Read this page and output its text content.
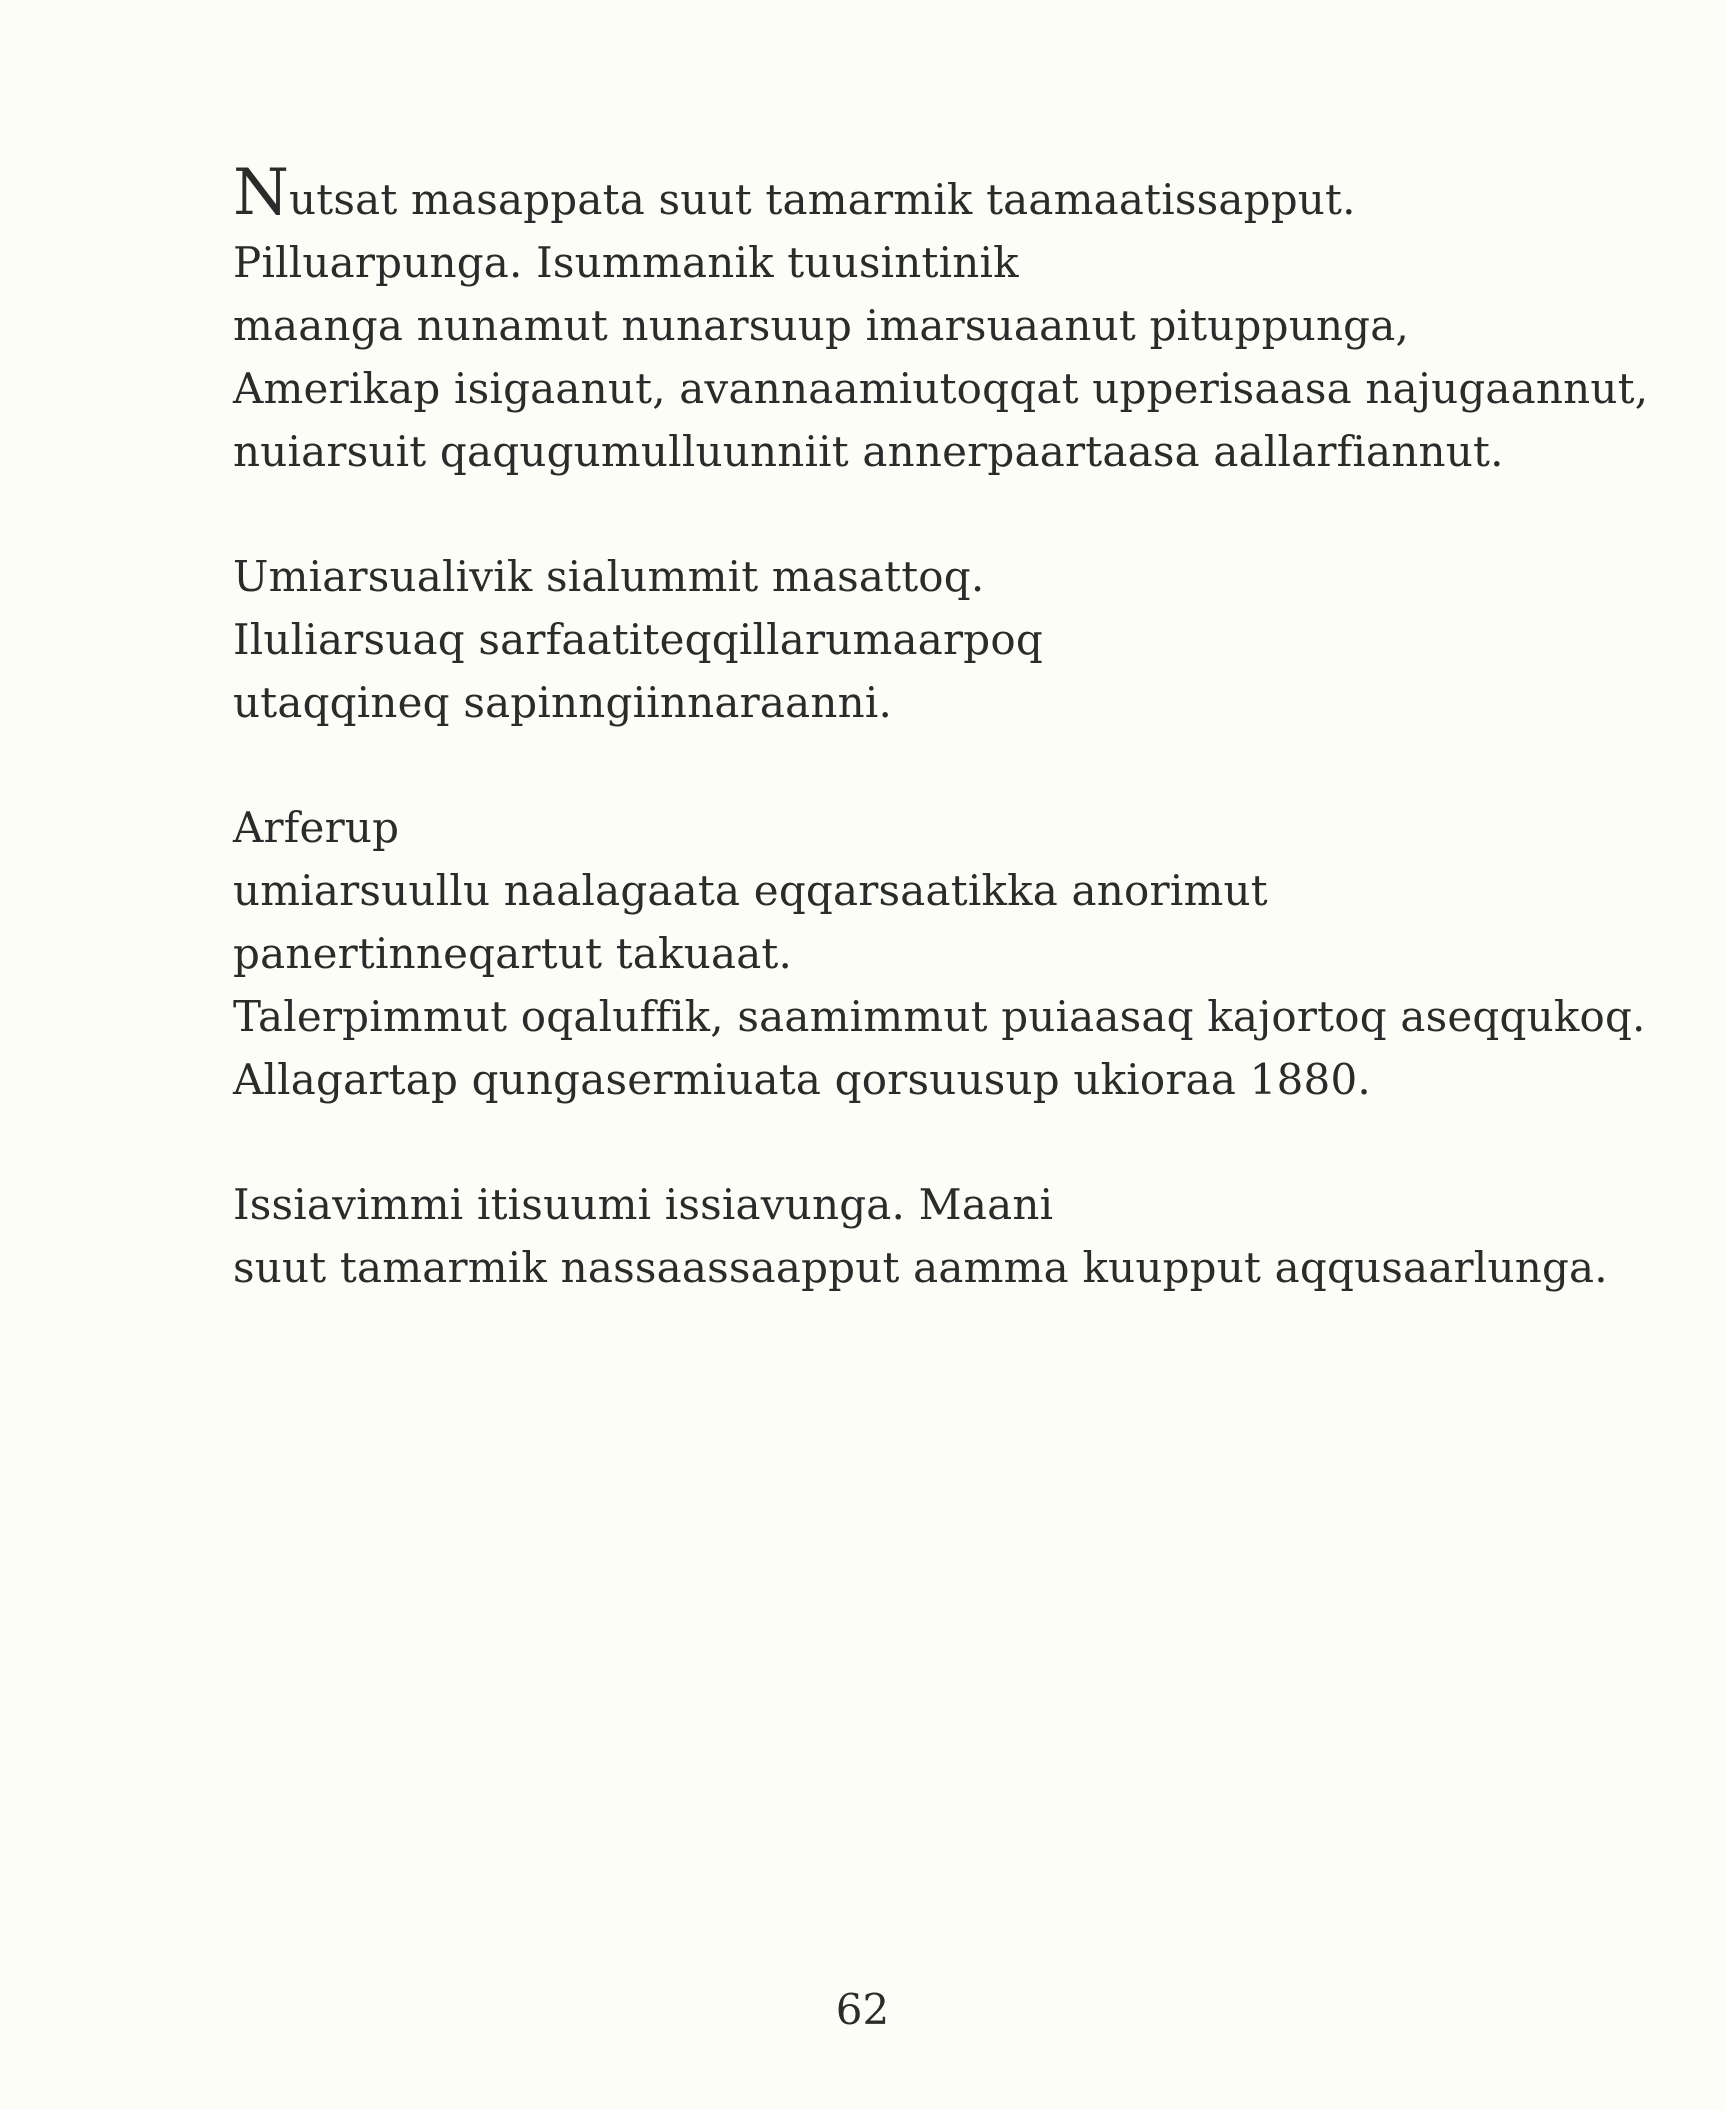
Nutsat masappata suut tamarmik taamaatissapput.
Pilluarpunga. Isummanik tuusintinik
maanga nunamut nunarsuup imarsuaanut pituppunga,
Amerikap isigaanut, avannaamiutoqqat upperisaasa najugaannut,
nuiarsuit qaqugumulluunniit annerpaartaasa aallarfiannut.

Umiarsualivik sialummit masattoq.
Iluliarsuaq sarfaatiteqqillarumaarpoq
utaqqineq sapinngiinnaraanni.

Arferup
umiarsuullu naalagaata eqqarsaatikka anorimut
panertinneqartut takuaat.
Talerpimmut oqaluffik, saamimmut puiaasaq kajortoq aseqqukoq.
Allagartap qungasermiuata qorsuusup ukioraa 1880.

Issiavimmi itisuumi issiavunga. Maani
suut tamarmik nassaassaapput aamma kuupput aqqusaarlunga.

62
